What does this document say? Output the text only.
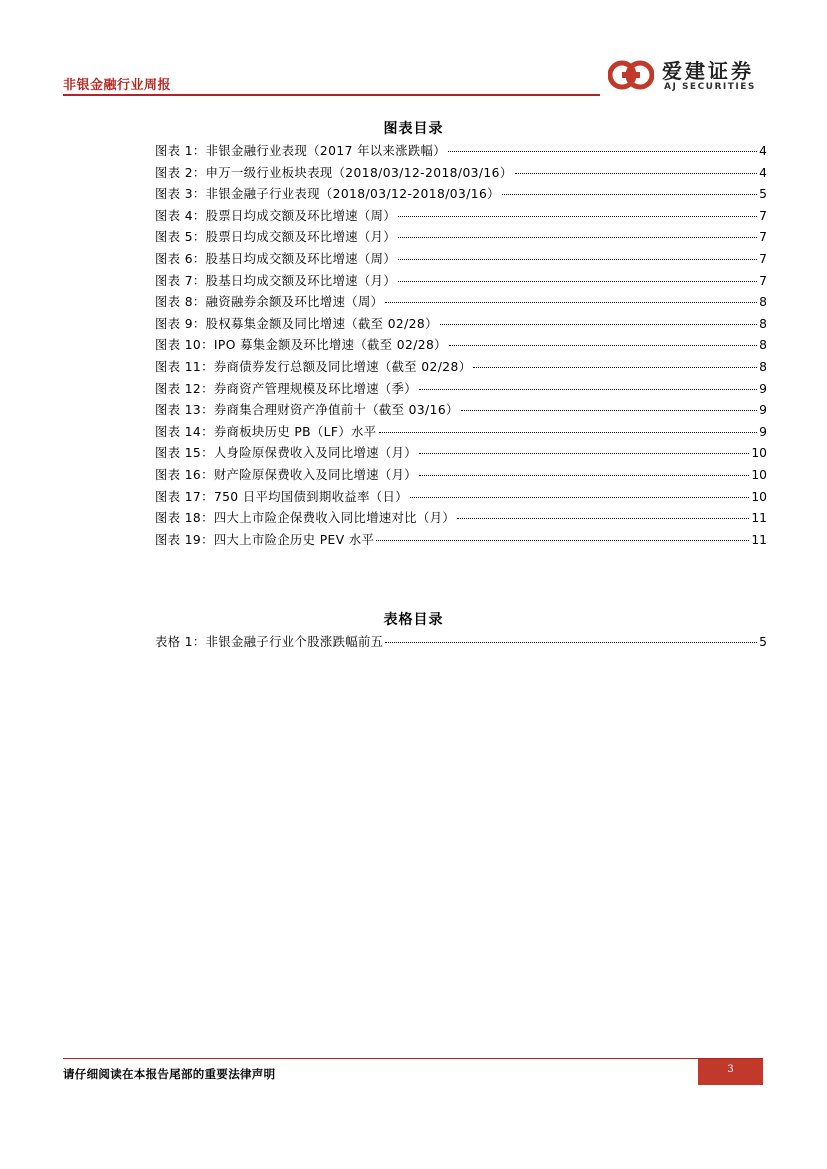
非银金融行业周报
爱建证券
AJ SECURITIES
图表目录
图表 1：非银金融行业表现（2017 年以来涨跌幅）	4
图表 2：申万一级行业板块表现（2018/03/12-2018/03/16）	4
图表 3：非银金融子行业表现（2018/03/12-2018/03/16）	5
图表 4：股票日均成交额及环比增速（周）	7
图表 5：股票日均成交额及环比增速（月）	7
图表 6：股基日均成交额及环比增速（周）	7
图表 7：股基日均成交额及环比增速（月）	7
图表 8：融资融券余额及环比增速（周）	8
图表 9：股权募集金额及同比增速（截至 02/28）	8
图表 10：IPO 募集金额及环比增速（截至 02/28）	8
图表 11：券商债券发行总额及同比增速（截至 02/28）	8
图表 12：券商资产管理规模及环比增速（季）	9
图表 13：券商集合理财资产净值前十（截至 03/16）	9
图表 14：券商板块历史 PB（LF）水平	9
图表 15：人身险原保费收入及同比增速（月）	10
图表 16：财产险原保费收入及同比增速（月）	10
图表 17：750 日平均国债到期收益率（日）	10
图表 18：四大上市险企保费收入同比增速对比（月）	11
图表 19：四大上市险企历史 PEV 水平	11
表格目录
表格 1：非银金融子行业个股涨跌幅前五	5
请仔细阅读在本报告尾部的重要法律声明	3
